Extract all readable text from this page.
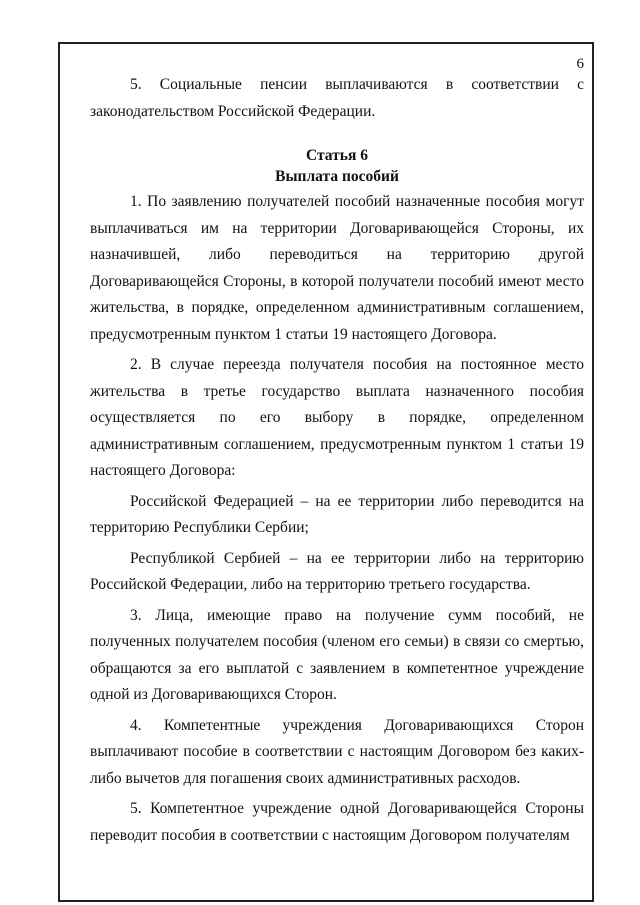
6

5. Социальные пенсии выплачиваются в соответствии с законодательством Российской Федерации.

Статья 6

Выплата пособий

1. По заявлению получателей пособий назначенные пособия могут выплачиваться им на территории Договаривающейся Стороны, их назначившей, либо переводиться на территорию другой Договаривающейся Стороны, в которой получатели пособий имеют место жительства, в порядке, определенном административным соглашением, предусмотренным пунктом 1 статьи 19 настоящего Договора.

2. В случае переезда получателя пособия на постоянное место жительства в третье государство выплата назначенного пособия осуществляется по его выбору в порядке, определенном административным соглашением, предусмотренным пунктом 1 статьи 19 настоящего Договора:

Российской Федерацией – на ее территории либо переводится на территорию Республики Сербии;

Республикой Сербией – на ее территории либо на территорию Российской Федерации, либо на территорию третьего государства.

3. Лица, имеющие право на получение сумм пособий, не полученных получателем пособия (членом его семьи) в связи со смертью, обращаются за его выплатой с заявлением в компетентное учреждение одной из Договаривающихся Сторон.

4. Компетентные учреждения Договаривающихся Сторон выплачивают пособие в соответствии с настоящим Договором без каких-либо вычетов для погашения своих административных расходов.

5. Компетентное учреждение одной Договаривающейся Стороны переводит пособия в соответствии с настоящим Договором получателям
